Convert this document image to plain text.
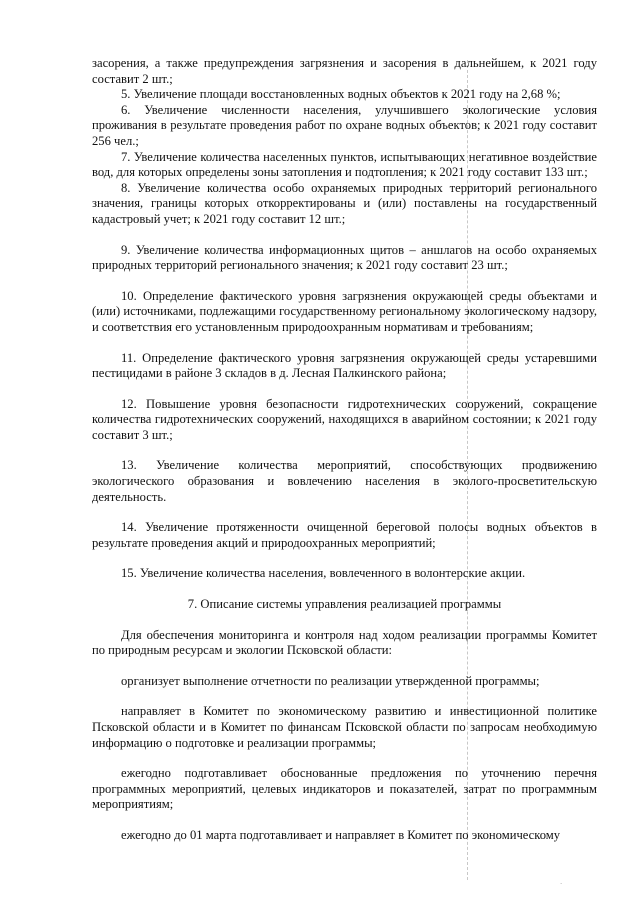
·

засорения, а также предупреждения загрязнения и засорения в дальнейшем, к 2021 году составит 2 шт.;

5. Увеличение площади восстановленных водных объектов к 2021 году на 2,68 %;

6. Увеличение численности населения, улучшившего экологические условия проживания в результате проведения работ по охране водных объектов; к 2021 году составит 256 чел.;

7. Увеличение количества населенных пунктов, испытывающих негативное воздействие вод, для которых определены зоны затопления и подтопления; к 2021 году составит 133 шт.;

8. Увеличение количества особо охраняемых природных территорий регионального значения, границы которых откорректированы и (или) поставлены на государственный кадастровый учет; к 2021 году составит 12 шт.;

9. Увеличение количества информационных щитов – аншлагов на особо охраняемых природных территорий регионального значения; к 2021 году составит 23 шт.;

10. Определение фактического уровня загрязнения окружающей среды объектами и (или) источниками, подлежащими государственному региональному экологическому надзору, и соответствия его установленным природоохранным нормативам и требованиям;

11. Определение фактического уровня загрязнения окружающей среды устаревшими пестицидами в районе 3 складов в д. Лесная Палкинского района;

12. Повышение уровня безопасности гидротехнических сооружений, сокращение количества гидротехнических сооружений, находящихся в аварийном состоянии; к 2021 году составит 3 шт.;

13. Увеличение количества мероприятий, способствующих продвижению экологического образования и вовлечению населения в эколого-просветительскую деятельность.

14. Увеличение протяженности очищенной береговой полосы водных объектов в результате проведения акций и природоохранных мероприятий;

15. Увеличение количества населения, вовлеченного в волонтерские акции.

7. Описание системы управления реализацией программы

Для обеспечения мониторинга и контроля над ходом реализации программы Комитет по природным ресурсам и экологии Псковской области:

организует выполнение отчетности по реализации утвержденной программы;

направляет в Комитет по экономическому развитию и инвестиционной политике Псковской области и в Комитет по финансам Псковской области по запросам необходимую информацию о подготовке и реализации программы;

ежегодно подготавливает обоснованные предложения по уточнению перечня программных мероприятий, целевых индикаторов и показателей, затрат по программным мероприятиям;

ежегодно до 01 марта подготавливает и направляет в Комитет по экономическому
